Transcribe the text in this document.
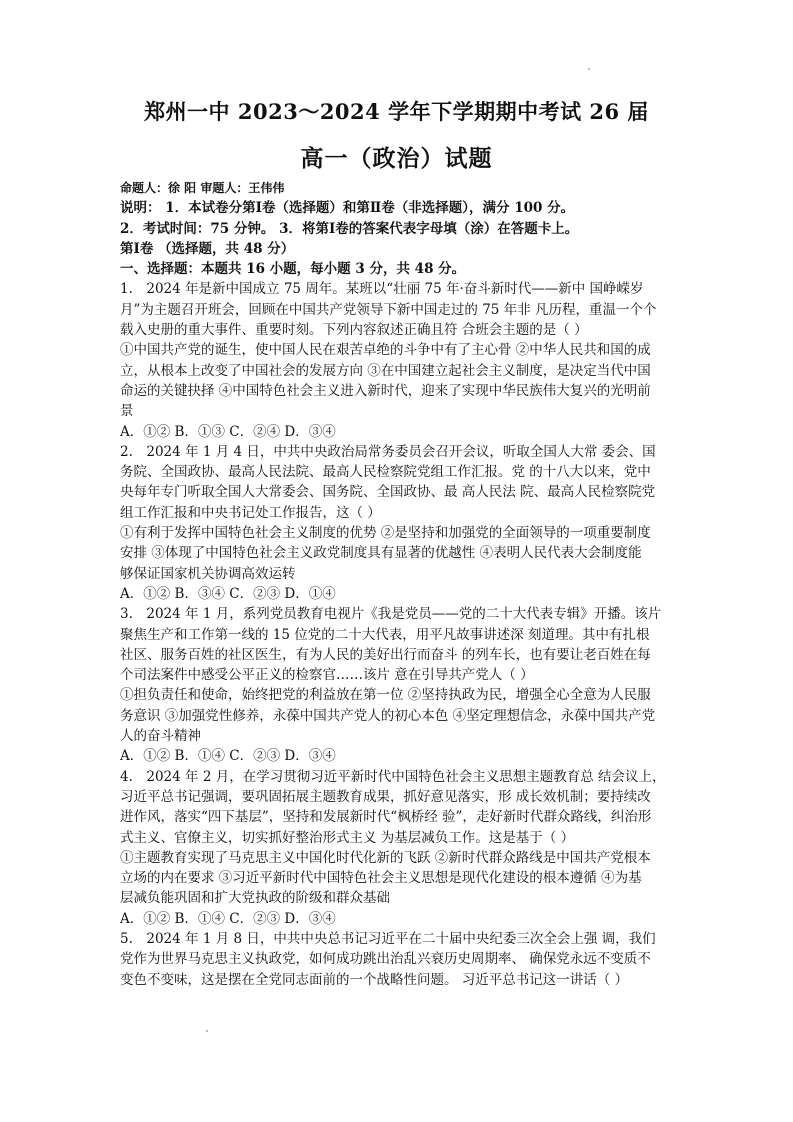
郑州一中 2023～2024 学年下学期期中考试 26 届
高一（政治）试题
命题人：徐 阳 审题人：王伟伟
说明： 1．本试卷分第Ⅰ卷（选择题）和第Ⅱ卷（非选择题），满分 100 分。
2．考试时间：75 分钟。 3．将第Ⅰ卷的答案代表字母填（涂）在答题卡上。
第Ⅰ卷 （选择题，共 48 分）
一、选择题：本题共 16 小题，每小题 3 分，共 48 分。
1.　2024 年是新中国成立 75 周年。某班以“壮丽 75 年·奋斗新时代——新中 国峥嵘岁
月”为主题召开班会，回顾在中国共产党领导下新中国走过的 75 年非 凡历程，重温一个个
载入史册的重大事件、重要时刻。下列内容叙述正确且符 合班会主题的是（ ）
①中国共产党的诞生，使中国人民在艰苦卓绝的斗争中有了主心骨 ②中华人民共和国的成
立，从根本上改变了中国社会的发展方向 ③在中国建立起社会主义制度，是决定当代中国
命运的关键抉择 ④中国特色社会主义进入新时代，迎来了实现中华民族伟大复兴的光明前
景
A．①② B．①③ C．②④ D．③④
2.　2024 年 1 月 4 日，中共中央政治局常务委员会召开会议，听取全国人大常 委会、国
务院、全国政协、最高人民法院、最高人民检察院党组工作汇报。党 的十八大以来，党中
央每年专门听取全国人大常委会、国务院、全国政协、最 高人民法 院、最高人民检察院党
组工作汇报和中央书记处工作报告，这（ ）
①有利于发挥中国特色社会主义制度的优势 ②是坚持和加强党的全面领导的一项重要制度
安排 ③体现了中国特色社会主义政党制度具有显著的优越性 ④表明人民代表大会制度能
够保证国家机关协调高效运转
A．①② B．③④ C．②③ D．①④
3.　2024 年 1 月，系列党员教育电视片《我是党员——党的二十大代表专辑》开播。该片
聚焦生产和工作第一线的 15 位党的二十大代表，用平凡故事讲述深 刻道理。其中有扎根
社区、服务百姓的社区医生，有为人民的美好出行而奋斗 的列车长，也有要让老百姓在每
个司法案件中感受公平正义的检察官……该片 意在引导共产党人（ ）
①担负责任和使命，始终把党的利益放在第一位 ②坚持执政为民，增强全心全意为人民服
务意识 ③加强党性修养，永葆中国共产党人的初心本色 ④坚定理想信念，永葆中国共产党
人的奋斗精神
A．①② B．①④ C．②③ D．③④
4.　2024 年 2 月，在学习贯彻习近平新时代中国特色社会主义思想主题教育总 结会议上，
习近平总书记强调，要巩固拓展主题教育成果，抓好意见落实，形 成长效机制；要持续改
进作风，落实“四下基层”，坚持和发展新时代“枫桥经 验”，走好新时代群众路线，纠治形
式主义、官僚主义，切实抓好整治形式主义 为基层减负工作。这是基于（ ）
①主题教育实现了马克思主义中国化时代化新的飞跃 ②新时代群众路线是中国共产党根本
立场的内在要求 ③习近平新时代中国特色社会主义思想是现代化建设的根本遵循 ④为基
层减负能巩固和扩大党执政的阶级和群众基础
A．①② B．①④ C．②③ D．③④
5.　2024 年 1 月 8 日，中共中央总书记习近平在二十届中央纪委三次全会上强 调，我们
党作为世界马克思主义执政党，如何成功跳出治乱兴衰历史周期率、 确保党永远不变质不
变色不变味，这是摆在全党同志面前的一个战略性问题。 习近平总书记这一讲话（ ）
